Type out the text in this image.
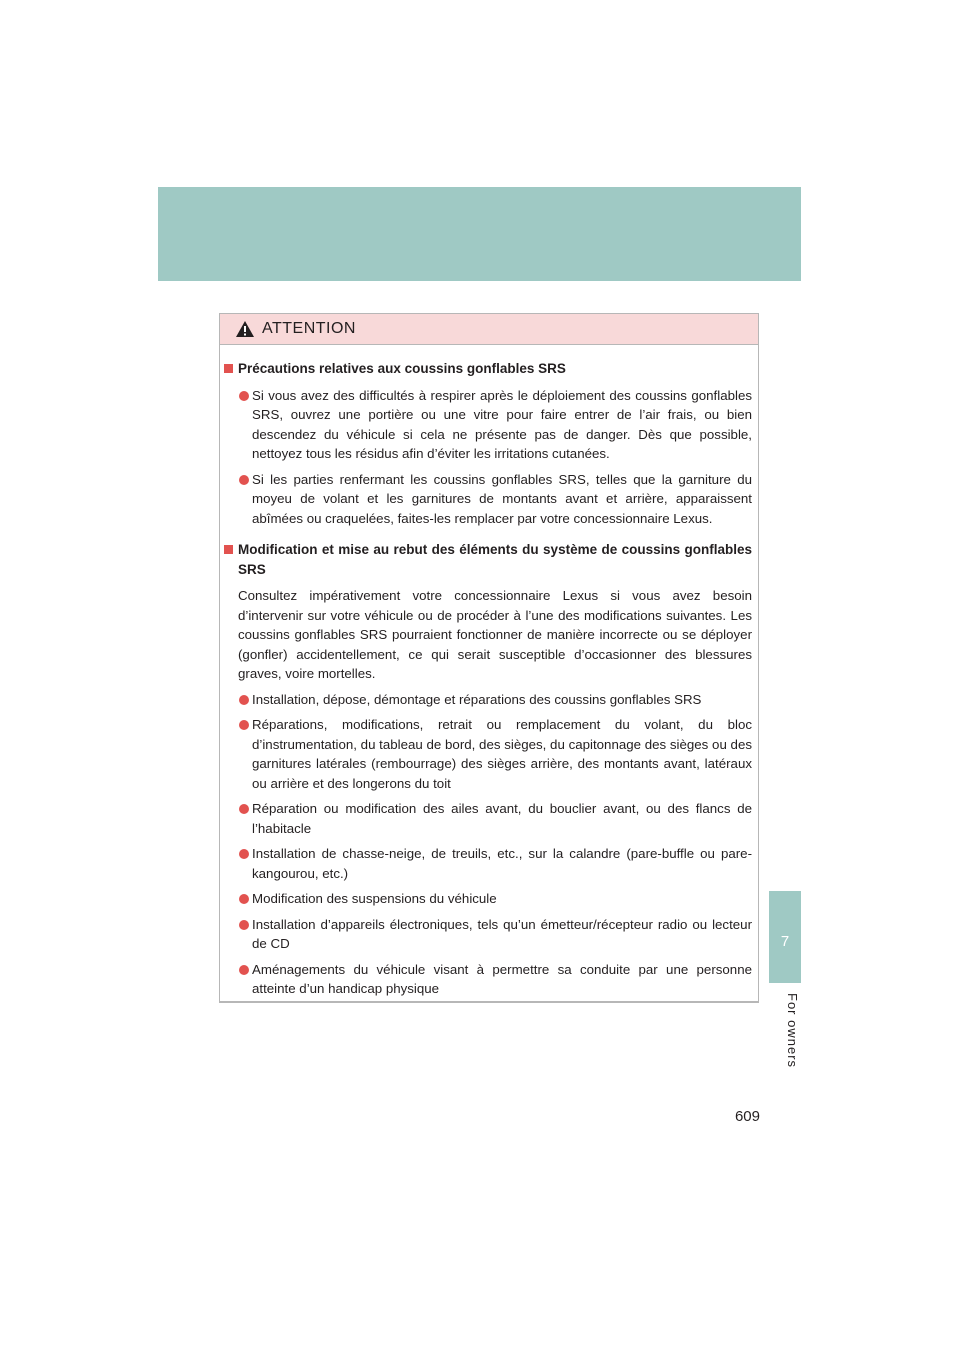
7
For owners
ATTENTION
Précautions relatives aux coussins gonflables SRS
Si vous avez des difficultés à respirer après le déploiement des coussins gonflables SRS, ouvrez une portière ou une vitre pour faire entrer de l’air frais, ou bien descendez du véhicule si cela ne présente pas de danger. Dès que possible, nettoyez tous les résidus afin d’éviter les irritations cutanées.
Si les parties renfermant les coussins gonflables SRS, telles que la garniture du moyeu de volant et les garnitures de montants avant et arrière, apparaissent abîmées ou craquelées, faites-les remplacer par votre concessionnaire Lexus.
Modification et mise au rebut des éléments du système de coussins gonflables SRS
Consultez impérativement votre concessionnaire Lexus si vous avez besoin d’intervenir sur votre véhicule ou de procéder à l’une des modifications suivantes. Les coussins gonflables SRS pourraient fonctionner de manière incorrecte ou se déployer (gonfler) accidentellement, ce qui serait susceptible d’occasionner des blessures graves, voire mortelles.
Installation, dépose, démontage et réparations des coussins gonflables SRS
Réparations, modifications, retrait ou remplacement du volant, du bloc d’instrumentation, du tableau de bord, des sièges, du capitonnage des sièges ou des garnitures latérales (rembourrage) des sièges arrière, des montants avant, latéraux ou arrière et des longerons du toit
Réparation ou modification des ailes avant, du bouclier avant, ou des flancs de l’habitacle
Installation de chasse-neige, de treuils, etc., sur la calandre (pare-buffle ou pare-kangourou, etc.)
Modification des suspensions du véhicule
Installation d’appareils électroniques, tels qu’un émetteur/récepteur radio ou lecteur de CD
Aménagements du véhicule visant à permettre sa conduite par une personne atteinte d’un handicap physique
609
